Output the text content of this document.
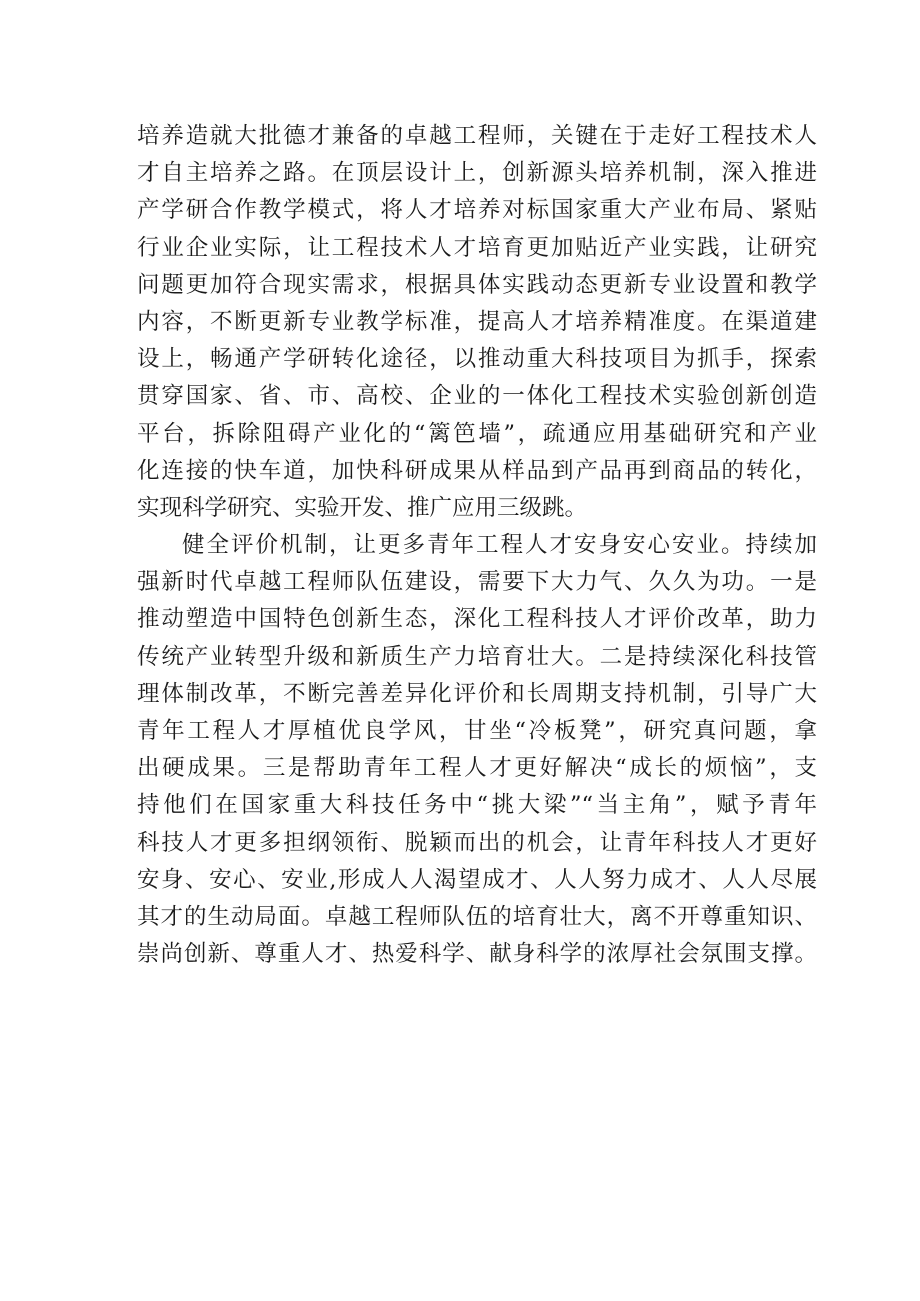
培养造就大批德才兼备的卓越工程师，关键在于走好工程技术人
才自主培养之路。在顶层设计上，创新源头培养机制，深入推进
产学研合作教学模式，将人才培养对标国家重大产业布局、紧贴
行业企业实际，让工程技术人才培育更加贴近产业实践，让研究
问题更加符合现实需求，根据具体实践动态更新专业设置和教学
内容，不断更新专业教学标准，提高人才培养精准度。在渠道建
设上，畅通产学研转化途径，以推动重大科技项目为抓手，探索
贯穿国家、省、市、高校、企业的一体化工程技术实验创新创造
平台，拆除阻碍产业化的“篱笆墙”，疏通应用基础研究和产业
化连接的快车道，加快科研成果从样品到产品再到商品的转化，
实现科学研究、实验开发、推广应用三级跳。
健全评价机制，让更多青年工程人才安身安心安业。持续加
强新时代卓越工程师队伍建设，需要下大力气、久久为功。一是
推动塑造中国特色创新生态，深化工程科技人才评价改革，助力
传统产业转型升级和新质生产力培育壮大。二是持续深化科技管
理体制改革，不断完善差异化评价和长周期支持机制，引导广大
青年工程人才厚植优良学风，甘坐“冷板凳”，研究真问题，拿
出硬成果。三是帮助青年工程人才更好解决“成长的烦恼”，支
持他们在国家重大科技任务中“挑大梁”“当主角”，赋予青年
科技人才更多担纲领衔、脱颖而出的机会，让青年科技人才更好
安身、安心、安业,形成人人渴望成才、人人努力成才、人人尽展
其才的生动局面。卓越工程师队伍的培育壮大，离不开尊重知识、
崇尚创新、尊重人才、热爱科学、献身科学的浓厚社会氛围支撑。
